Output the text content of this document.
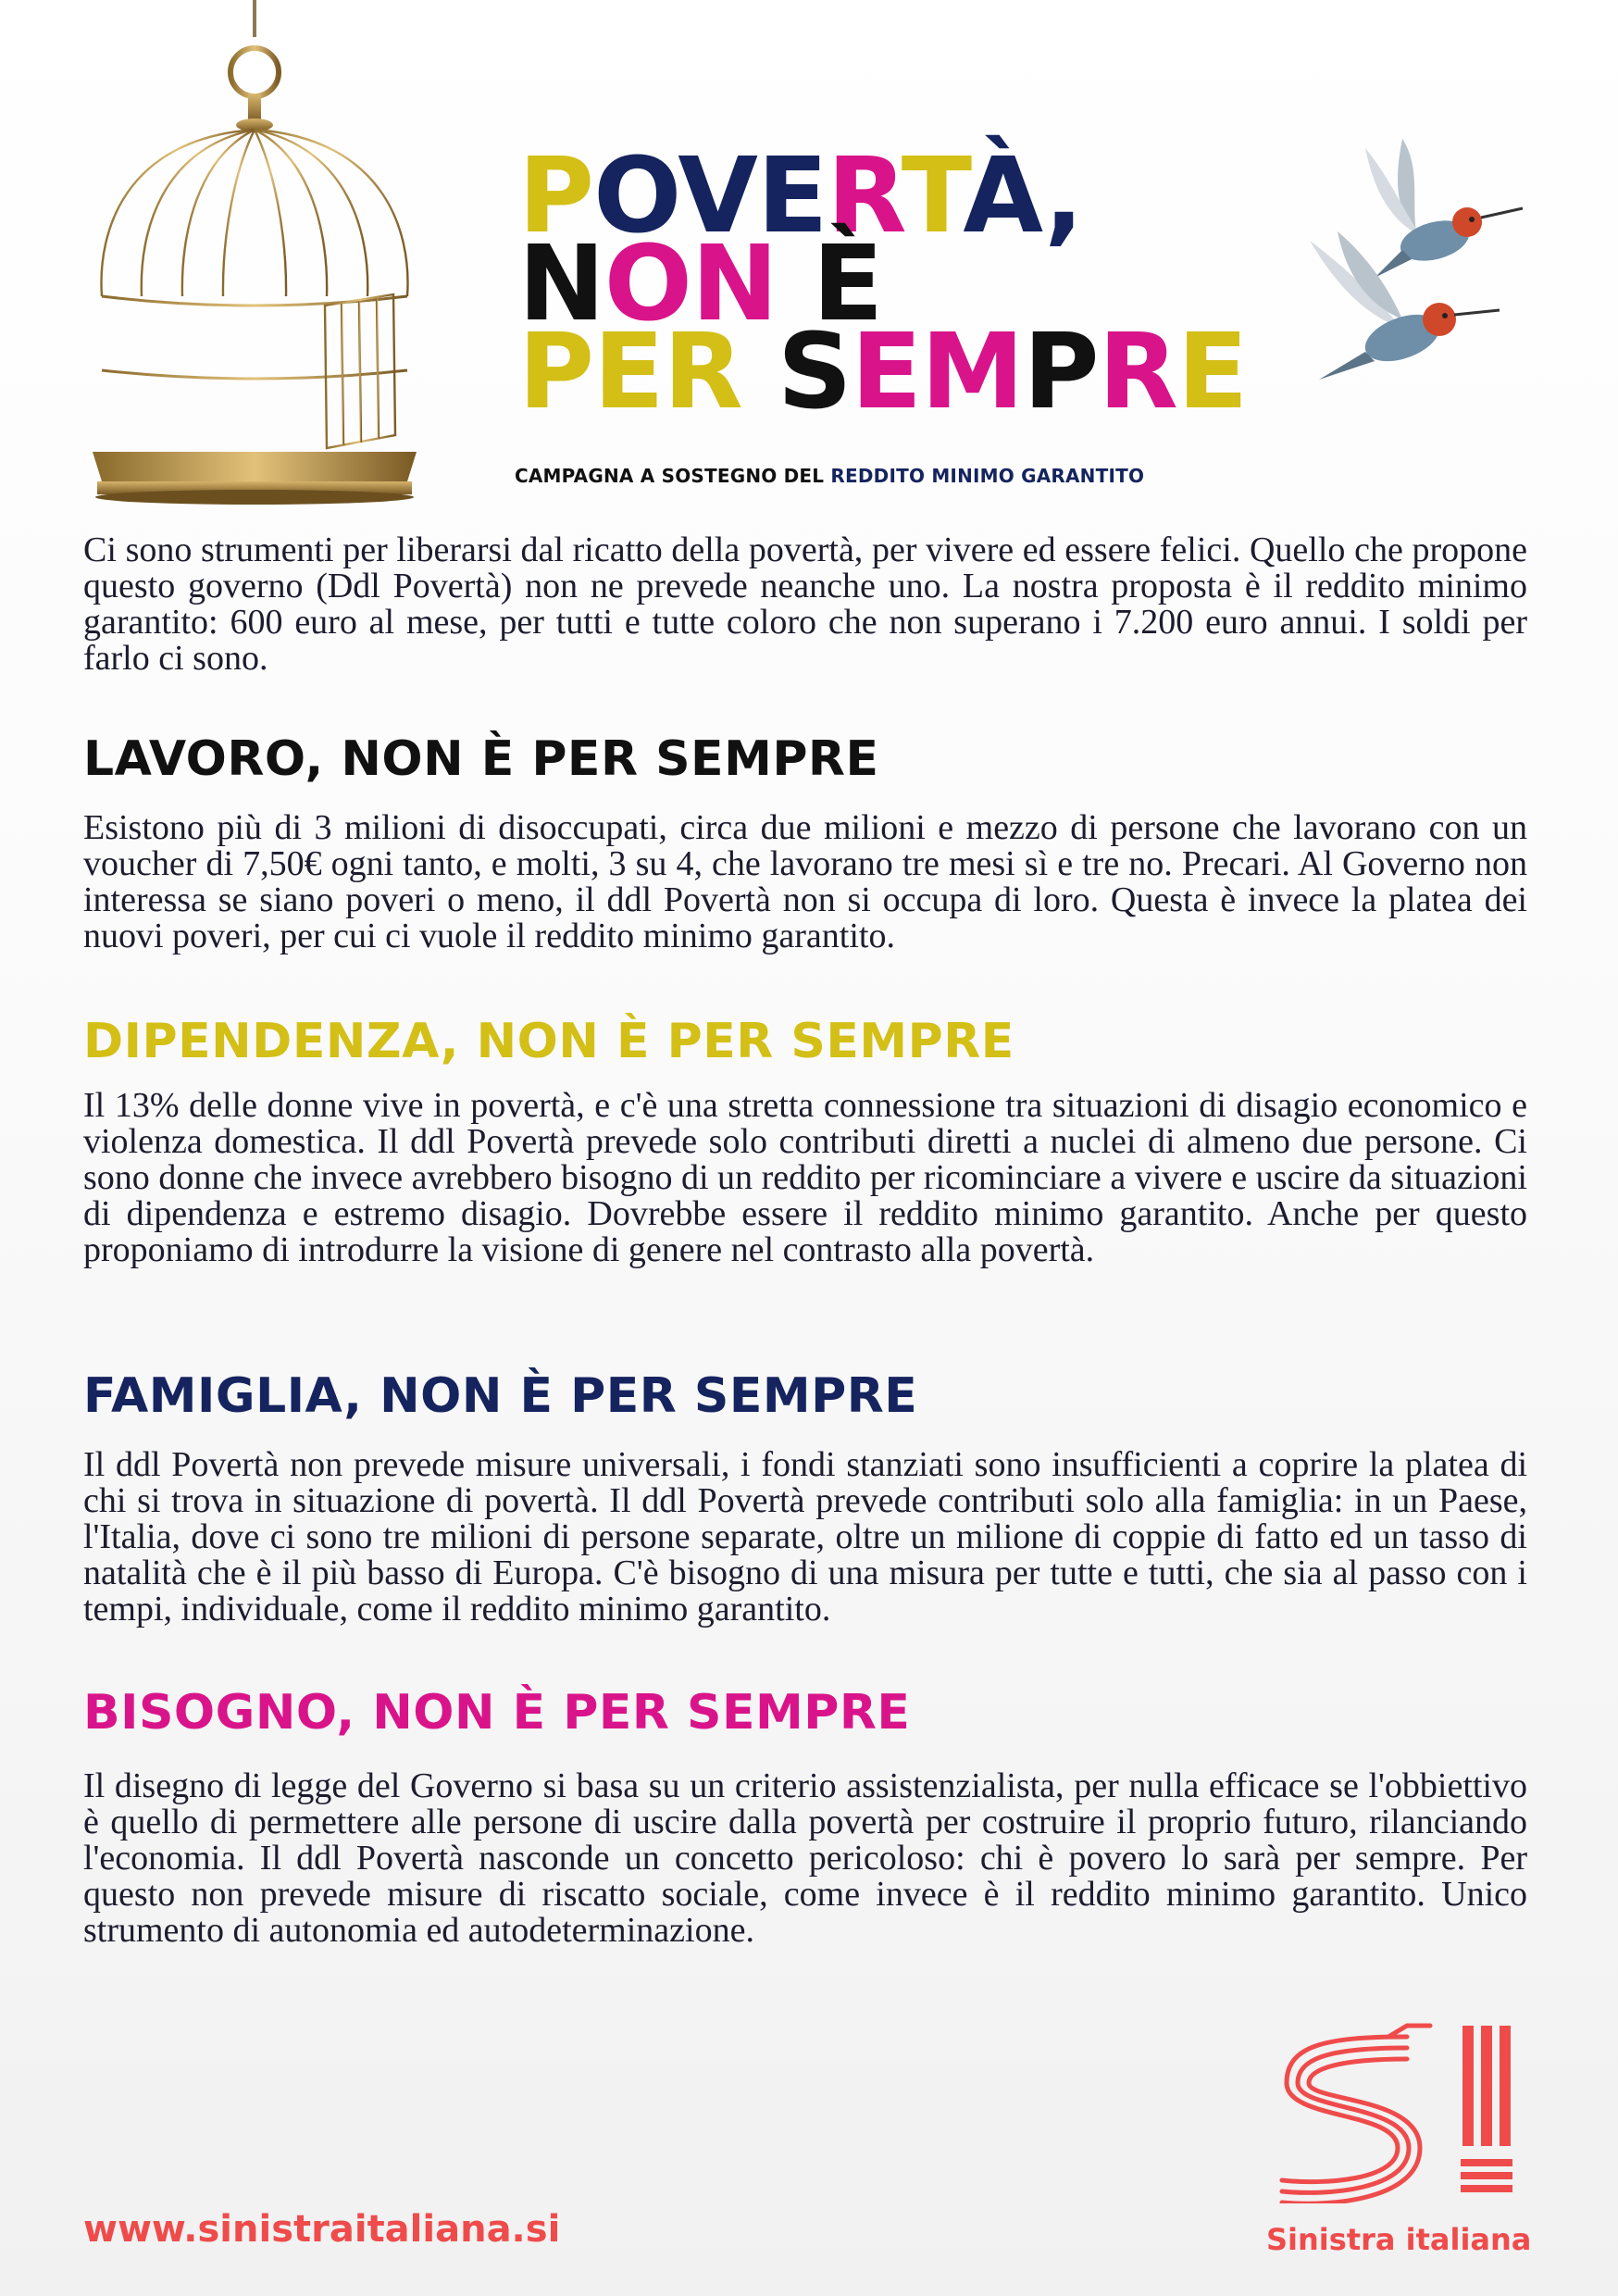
POVERTÀ,
NON È
PER SEMPRE
CAMPAGNA A SOSTEGNO DEL REDDITO MINIMO GARANTITO

Ci sono strumenti per liberarsi dal ricatto della povertà, per vivere ed essere felici. Quello che propone questo governo (Ddl Povertà) non ne prevede neanche uno. La nostra proposta è il reddito minimo garantito: 600 euro al mese, per tutti e tutte coloro che non superano i 7.200 euro annui. I soldi per farlo ci sono.

LAVORO, NON È PER SEMPRE

Esistono più di 3 milioni di disoccupati, circa due milioni e mezzo di persone che lavorano con un voucher di 7,50€ ogni tanto, e molti, 3 su 4, che lavorano tre mesi sì e tre no. Precari. Al Governo non interessa se siano poveri o meno, il ddl Povertà non si occupa di loro. Questa è invece la platea dei nuovi poveri, per cui ci vuole il reddito minimo garantito.

DIPENDENZA, NON È PER SEMPRE

Il 13% delle donne vive in povertà, e c'è una stretta connessione tra situazioni di disagio economico e violenza domestica. Il ddl Povertà prevede solo contributi diretti a nuclei di almeno due persone. Ci sono donne che invece avrebbero bisogno di un reddito per ricominciare a vivere e uscire da situazioni di dipendenza e estremo disagio. Dovrebbe essere il reddito minimo garantito. Anche per questo proponiamo di introdurre la visione di genere nel contrasto alla povertà.

FAMIGLIA, NON È PER SEMPRE

Il ddl Povertà non prevede misure universali, i fondi stanziati sono insufficienti a coprire la platea di chi si trova in situazione di povertà. Il ddl Povertà prevede contributi solo alla famiglia: in un Paese, l'Italia, dove ci sono tre milioni di persone separate, oltre un milione di coppie di fatto ed un tasso di natalità che è il più basso di Europa. C'è bisogno di una misura per tutte e tutti, che sia al passo con i tempi, individuale, come il reddito minimo garantito.

BISOGNO, NON È PER SEMPRE

Il disegno di legge del Governo si basa su un criterio assistenzialista, per nulla efficace se l'obbiettivo è quello di permettere alle persone di uscire dalla povertà per costruire il proprio futuro, rilanciando l'economia. Il ddl Povertà nasconde un concetto pericoloso: chi è povero lo sarà per sempre. Per questo non prevede misure di riscatto sociale, come invece è il reddito minimo garantito. Unico strumento di autonomia ed autodeterminazione.

www.sinistraitaliana.si	Sinistra italiana
